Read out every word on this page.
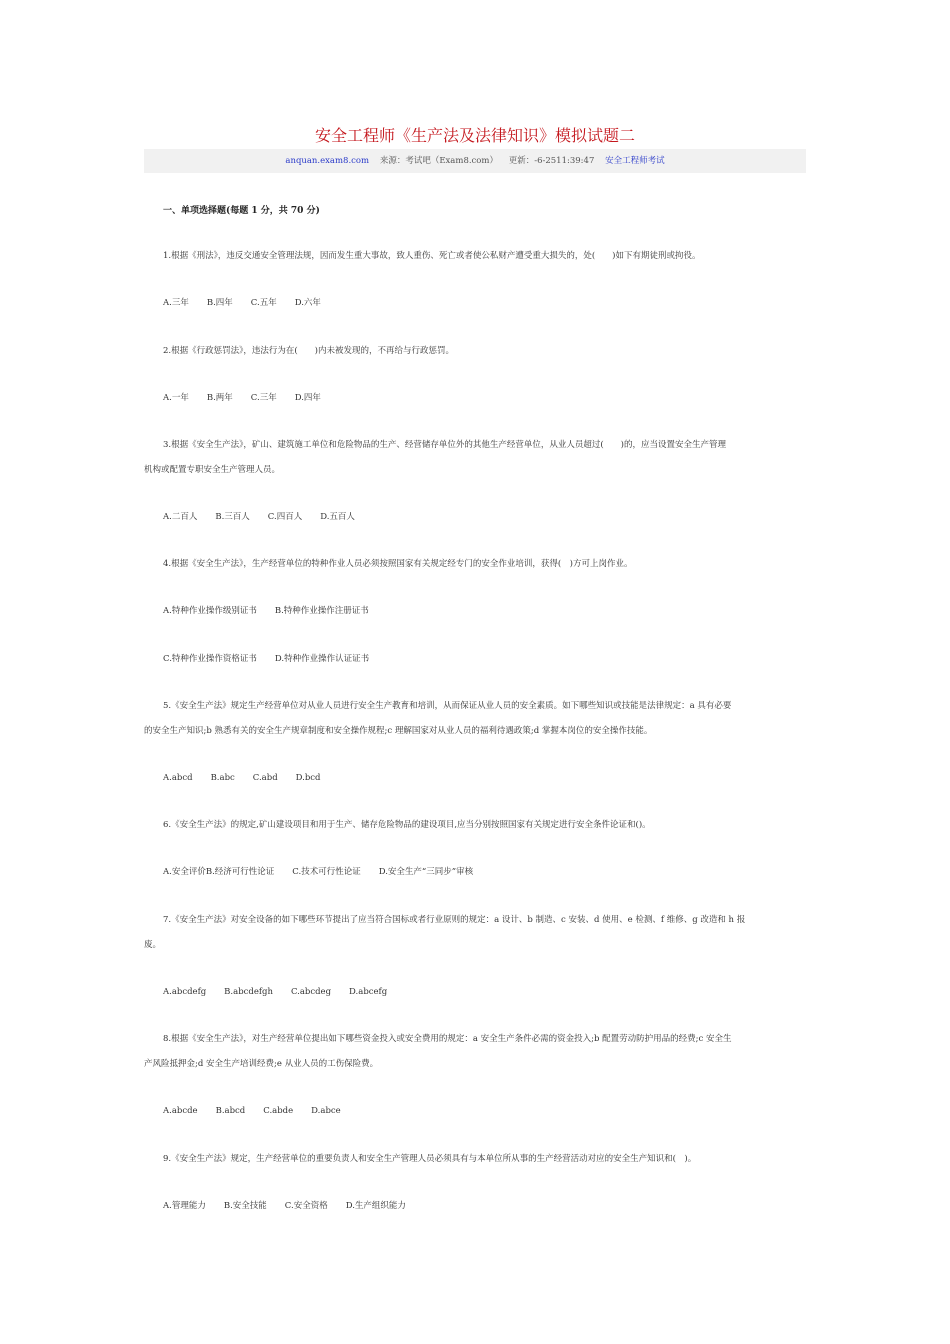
安全工程师《生产法及法律知识》模拟试题二
anquan.exam8.com 来源：考试吧（Exam8.com） 更新：-6-2511:39:47 安全工程师考试
一、单项选择题(每题 1 分，共 70 分)
1.根据《刑法》，违反交通安全管理法规，因而发生重大事故，致人重伤、死亡或者使公私财产遭受重大损失的，处(　　)如下有期徒刑或拘役。
A.三年 B.四年 C.五年 D.六年
2.根据《行政惩罚法》，违法行为在(　　)内未被发现的，不再给与行政惩罚。
A.一年 B.两年 C.三年 D.四年
3.根据《安全生产法》，矿山、建筑施工单位和危险物品的生产、经营储存单位外的其他生产经营单位，从业人员超过(　　)的，应当设置安全生产管理
机构或配置专职安全生产管理人员。
A.二百人 B.三百人 C.四百人 D.五百人
4.根据《安全生产法》，生产经营单位的特种作业人员必须按照国家有关规定经专门的安全作业培训，获得(　)方可上岗作业。
A.特种作业操作级别证书 B.特种作业操作注册证书
C.特种作业操作资格证书 D.特种作业操作认证证书
5.《安全生产法》规定生产经营单位对从业人员进行安全生产教育和培训，从而保证从业人员的安全素质。如下哪些知识或技能是法律规定：a 具有必要
的安全生产知识;b 熟悉有关的安全生产规章制度和安全操作规程;c 理解国家对从业人员的福利待遇政策;d 掌握本岗位的安全操作技能。
A.abcd B.abc C.abd D.bcd
6.《安全生产法》的规定,矿山建设项目和用于生产、储存危险物品的建设项目,应当分别按照国家有关规定进行安全条件论证和()。
A.安全评价B.经济可行性论证 C.技术可行性论证 D.安全生产“三同步”审核
7.《安全生产法》对安全设备的如下哪些环节提出了应当符合国标或者行业原则的规定：a 设计、b 制造、c 安装、d 使用、e 检测、f 维修、g 改造和 h 报
废。
A.abcdefg B.abcdefgh C.abcdeg D.abcefg
8.根据《安全生产法》，对生产经营单位提出如下哪些资金投入或安全费用的规定：a 安全生产条件必需的资金投入;b 配置劳动防护用品的经费;c 安全生
产风险抵押金;d 安全生产培训经费;e 从业人员的工伤保险费。
A.abcde B.abcd C.abde D.abce
9.《安全生产法》规定，生产经营单位的重要负责人和安全生产管理人员必须具有与本单位所从事的生产经营活动对应的安全生产知识和(　)。
A.管理能力 B.安全技能 C.安全资格 D.生产组织能力
